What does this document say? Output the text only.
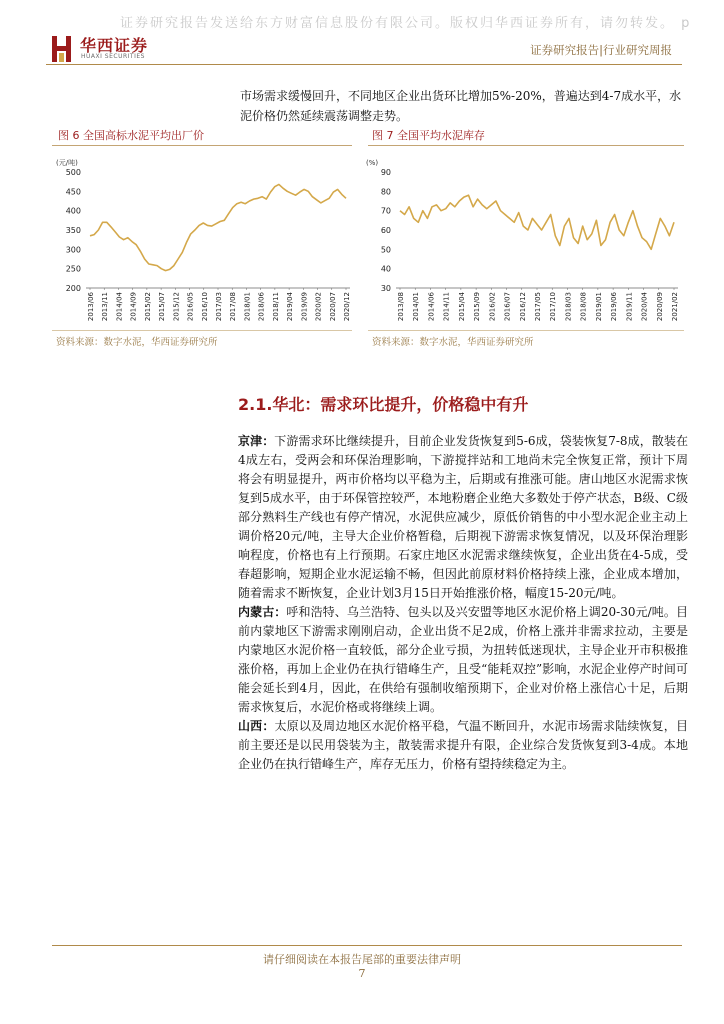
证券研究报告发送给东方财富信息股份有限公司。版权归华西证券所有，请勿转发。 p
华西证券
HUAXI SECURITIES	证券研究报告|行业研究周报
市场需求缓慢回升，不同地区企业出货环比增加5%-20%，普遍达到4-7成水平，水泥价格仍然延续震荡调整走势。
图 6 全国高标水泥平均出厂价
(元/吨)
200
250
300
350
400
450
500
2013/06 2013/11 2014/04 2014/09 2015/02 2015/07 2015/12 2016/05 2016/10 2017/03 2017/08 2018/01 2018/06 2018/11 2019/04 2019/09 2020/02 2020/07 2020/12
资料来源：数字水泥，华西证券研究所
图 7 全国平均水泥库存
(%)
30
40
50
60
70
80
90
2013/08 2014/01 2014/06 2014/11 2015/04 2015/09 2016/02 2016/07 2016/12 2017/05 2017/10 2018/03 2018/08 2019/01 2019/06 2019/11 2020/04 2020/09 2021/02
资料来源：数字水泥，华西证券研究所
2.1.华北：需求环比提升，价格稳中有升
京津：下游需求环比继续提升，目前企业发货恢复到5-6成，袋装恢复7-8成，散装在4成左右，受两会和环保治理影响，下游搅拌站和工地尚未完全恢复正常，预计下周将会有明显提升，两市价格均以平稳为主，后期或有推涨可能。唐山地区水泥需求恢复到5成水平，由于环保管控较严，本地粉磨企业绝大多数处于停产状态，B级、C级部分熟料生产线也有停产情况，水泥供应减少，原低价销售的中小型水泥企业主动上调价格20元/吨，主导大企业价格暂稳，后期视下游需求恢复情况，以及环保治理影响程度，价格也有上行预期。石家庄地区水泥需求继续恢复，企业出货在4-5成，受春超影响，短期企业水泥运输不畅，但因此前原材料价格持续上涨，企业成本增加，随着需求不断恢复，企业计划3月15日开始推涨价格，幅度15-20元/吨。
内蒙古：呼和浩特、乌兰浩特、包头以及兴安盟等地区水泥价格上调20-30元/吨。目前内蒙地区下游需求刚刚启动，企业出货不足2成，价格上涨并非需求拉动，主要是内蒙地区水泥价格一直较低，部分企业亏损，为扭转低迷现状，主导企业开市积极推涨价格，再加上企业仍在执行错峰生产，且受“能耗双控”影响，水泥企业停产时间可能会延长到4月，因此，在供给有强制收缩预期下，企业对价格上涨信心十足，后期需求恢复后，水泥价格或将继续上调。
山西：太原以及周边地区水泥价格平稳，气温不断回升，水泥市场需求陆续恢复，目前主要还是以民用袋装为主，散装需求提升有限，企业综合发货恢复到3-4成。本地企业仍在执行错峰生产，库存无压力，价格有望持续稳定为主。
请仔细阅读在本报告尾部的重要法律声明
7
